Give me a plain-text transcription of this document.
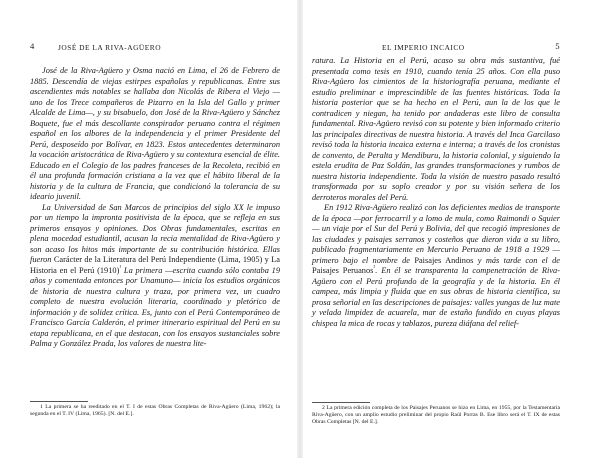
4	JOSÉ DE LA RIVA-AGÜERO

José de la Riva-Agüero y Osma nació en Lima, el 26 de Febrero de 1885. Descendía de viejas estirpes españolas y republicanas. Entre sus ascendientes más notables se hallaba don Nicolás de Ribera el Viejo —uno de los Trece compañeros de Pizarro en la Isla del Gallo y primer Alcalde de Lima—, y su bisabuelo, don José de la Riva-Agüero y Sánchez Boquete, fue el más descollante conspirador peruano contra el régimen español en los albores de la independencia y el primer Presidente del Perú, desposeído por Bolívar, en 1823. Estos antecedentes determinaron la vocación aristocrática de Riva-Agüero y su contextura esencial de élite. Educado en el Colegio de los padres franceses de la Recoleta, recibió en él una profunda formación cristiana a la vez que el hábito liberal de la historia y de la cultura de Francia, que condicionó la tolerancia de su ideario juvenil.

La Universidad de San Marcos de principios del siglo XX le impuso por un tiempo la impronta positivista de la época, que se refleja en sus primeros ensayos y opiniones. Dos Obras fundamentales, escritas en plena mocedad estudiantil, acusan la recia mentalidad de Riva-Agüero y son acaso los hitos más importante de su contribución histórica. Ellas fueron Carácter de la Literatura del Perú Independiente (Lima, 1905) y La Historia en el Perú $(1910)^{^1}$ La primera —escrita cuando sólo contaba 19 años y comentada entonces por Unamuno— inicia los estudios orgánicos de historia de nuestra cultura y traza, por primera vez, un cuadro completo de nuestra evolución literaria, coordinado y pletórico de información y de solidez crítica. Es, junto con el Perú Contemporáneo de Francisco García Calderón, el primer itinerario espiritual del Perú en su etapa republicana, en el que destacan, con los ensayos sustanciales sobre Palma y González Prada, los valores de nuestra lite-

1 La primera se ha reeditado en el T. I de estas Obras Completas de Riva-Agüero (Lima, 1962); la segunda en el T. IV (Lima, 1965). [N. del E.].

EL IMPERIO INCAICO	5

ratura. La Historia en el Perú, acaso su obra más sustantiva, fué presentada como tesis en 1910, cuando tenía 25 años. Con ella puso Riva-Agüero los cimientos de la historiografía peruana, mediante el estudio preliminar e imprescindible de las fuentes históricas. Toda la historia posterior que se ha hecho en el Perú, aun la de los que le contradicen y niegan, ha tenido por andaderas este libro de consulta fundamental. Riva-Agüero revisó con su potente y bien informado criterio las principales directivas de nuestra historia. A través del Inca Garcilaso revisó toda la historia incaica externa e interna; a través de los cronistas de convento, de Peralta y Mendiburu, la historia colonial, y siguiendo la estela erudita de Paz Soldán, las grandes transformaciones y rumbos de nuestra historia independiente. Toda la visión de nuestro pasado resultó transformada por su soplo creador y por su visión señera de los derroteros morales del Perú.

En 1912 Riva-Agüero realizó con los deficientes medios de transporte de la época —por ferrocarril y a lomo de mula, como Raimondi o Squier— un viaje por el Sur del Perú y Bolivia, del que recogió impresiones de las ciudades y paisajes serranos y costeños que dieron vida a su libro, publicado fragmentariamente en Mercurio Peruano de 1918 a 1929 —primero bajo el nombre de Paisajes Andinos y más tarde con el de Paisajes Peruanos$^{^2}$. En él se transparenta la compenetración de Riva-Agüero con el Perú profundo de la geografía y de la historia. En él campea, más limpia y fluida que en sus obras de historia científica, su prosa señorial en las descripciones de paisajes: valles yungas de luz mate y velada limpidez de acuarela, mar de estaño fundido en cuyas playas chispea la mica de rocas y tablazos, pureza diáfana del relief-

2 La primera edición completa de los Paisajes Peruanos se hizo en Lima, en 1955, por la Testamentaría Riva-Agüero, con un amplio estudio preliminar del propio Raúl Porras B. Ese libro será el T. IX de estas Obras Completas [N. del E.].
